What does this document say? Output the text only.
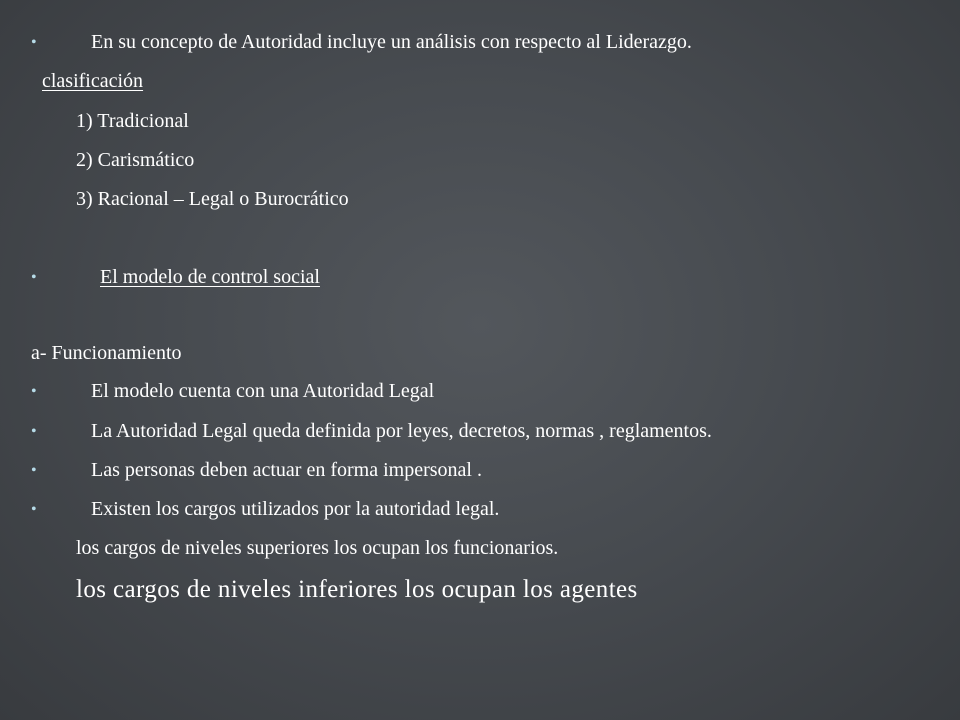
•	En su concepto de Autoridad incluye un análisis con respecto al Liderazgo.
clasificación
1) Tradicional
2) Carismático
3) Racional – Legal o Burocrático
•	El modelo de control social
a- Funcionamiento
•	El modelo cuenta con una Autoridad Legal
•	La Autoridad Legal queda definida por leyes, decretos, normas , reglamentos.
•	Las personas deben actuar en forma impersonal .
•	Existen los cargos utilizados por la autoridad legal.
los cargos de niveles superiores los ocupan los funcionarios.
los cargos de niveles inferiores los ocupan los agentes
